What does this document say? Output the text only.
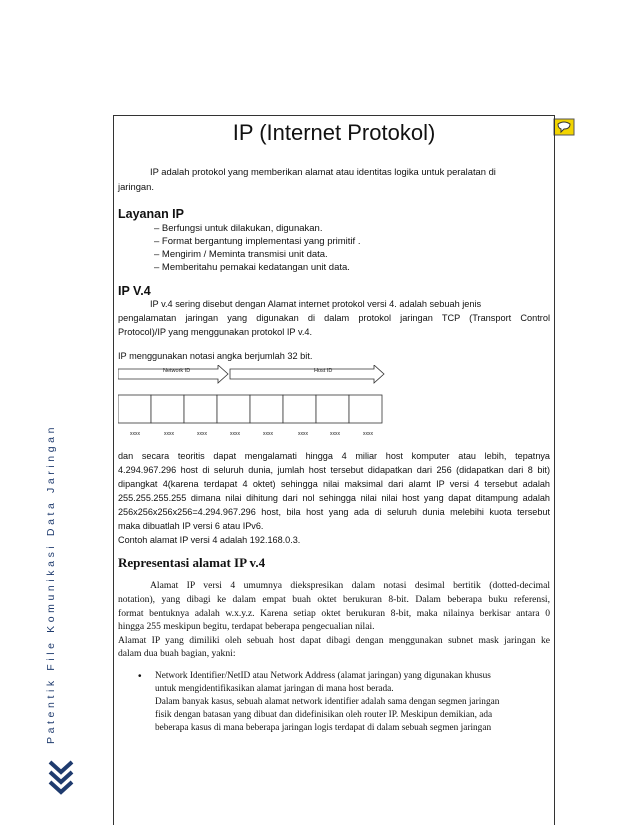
Patentik File Komunikasi Data Jaringan
IP (Internet Protokol)

IP adalah protokol yang memberikan alamat atau identitas logika untuk peralatan di

jaringan.

Layanan IP

– Berfungsi untuk dilakukan, digunakan.
– Format bergantung implementasi yang primitif .
– Mengirim / Meminta transmisi unit data.
– Memberitahu pemakai kedatangan unit data.

IP V.4

IP v.4 sering disebut dengan Alamat internet protokol versi 4. adalah sebuah jenis

pengalamatan jaringan yang digunakan di dalam protokol jaringan TCP (Transport Control

Protocol)/IP yang menggunakan protokol IP v.4.

IP menggunakan notasi angka berjumlah 32 bit.

Network ID	Host ID
xxxx	xxxx	xxxx	xxxx	xxxx	xxxx	xxxx	xxxx

dan secara teoritis dapat mengalamati hingga 4 miliar host komputer atau lebih, tepatnya

4.294.967.296 host di seluruh dunia, jumlah host tersebut didapatkan dari 256 (didapatkan dari 8 bit)

dipangkat 4(karena terdapat 4 oktet) sehingga nilai maksimal dari alamt IP versi 4 tersebut adalah

255.255.255.255 dimana nilai dihitung dari nol sehingga nilai nilai host yang dapat ditampung adalah

256x256x256x256=4.294.967.296 host, bila host yang ada di seluruh dunia melebihi kuota tersebut

maka dibuatlah IP versi 6 atau IPv6.

Contoh alamat IP versi 4 adalah 192.168.0.3.

Representasi alamat IP v.4

Alamat IP versi 4 umumnya diekspresikan dalam notasi desimal bertitik (dotted-decimal

notation), yang dibagi ke dalam empat buah oktet berukuran 8-bit. Dalam beberapa buku referensi,

format bentuknya adalah w.x.y.z. Karena setiap oktet berukuran 8-bit, maka nilainya berkisar antara 0

hingga 255 meskipun begitu, terdapat beberapa pengecualian nilai.

Alamat IP yang dimiliki oleh sebuah host dapat dibagi dengan menggunakan subnet mask jaringan ke

dalam dua buah bagian, yakni:

• Network Identifier/NetID atau Network Address (alamat jaringan) yang digunakan khusus

untuk mengidentifikasikan alamat jaringan di mana host berada.

Dalam banyak kasus, sebuah alamat network identifier adalah sama dengan segmen jaringan

fisik dengan batasan yang dibuat dan didefinisikan oleh router IP. Meskipun demikian, ada

beberapa kasus di mana beberapa jaringan logis terdapat di dalam sebuah segmen jaringan
